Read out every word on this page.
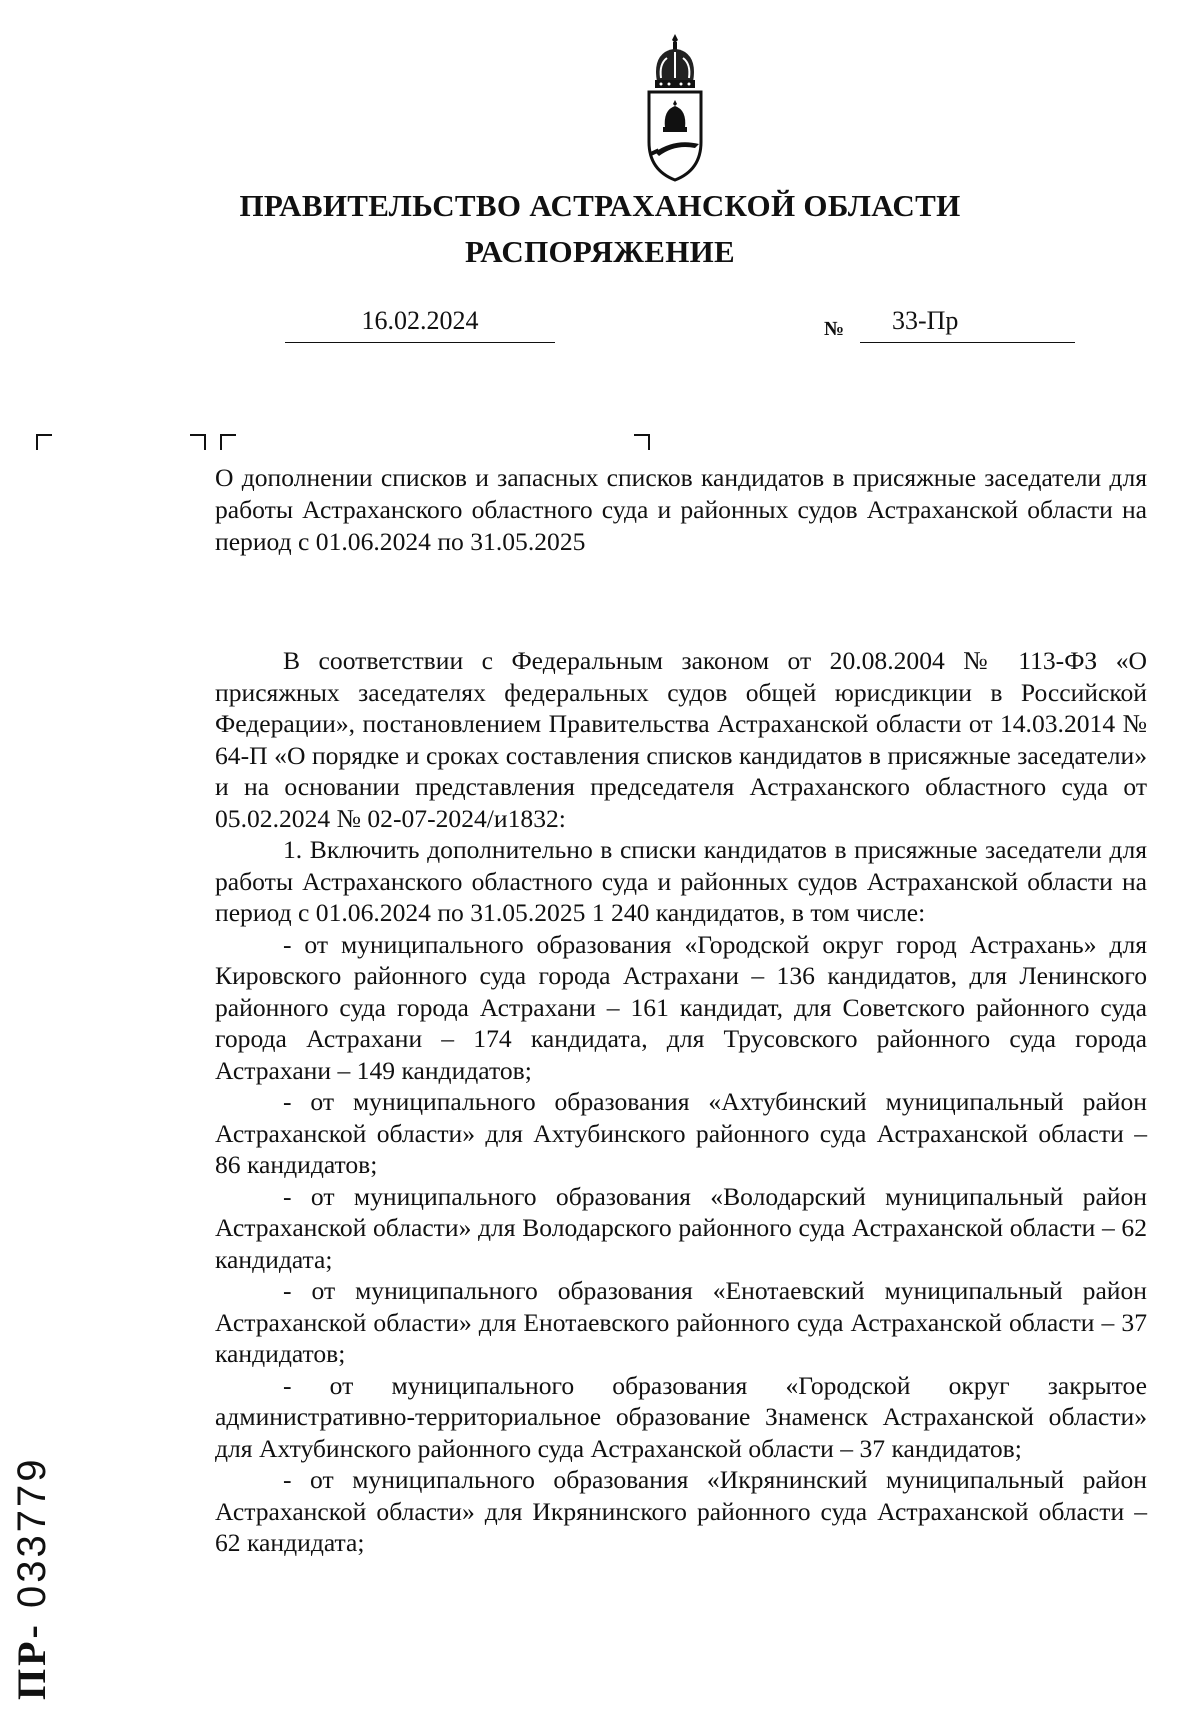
ПРАВИТЕЛЬСТВО АСТРАХАНСКОЙ ОБЛАСТИ
РАСПОРЯЖЕНИЕ
16.02.2024	№	33-Пр
О дополнении списков и запасных списков кандидатов в присяжные заседатели для работы Астраханского областного суда и районных судов Астраханской области на период с 01.06.2024 по 31.05.2025

В соответствии с Федеральным законом от 20.08.2004 № 113-ФЗ «О присяжных заседателях федеральных судов общей юрисдикции в Российской Федерации», постановлением Правительства Астраханской области от 14.03.2014 № 64-П «О порядке и сроках составления списков кандидатов в присяжные заседатели» и на основании представления председателя Астраханского областного суда от 05.02.2024 № 02-07-2024/и1832:

1. Включить дополнительно в списки кандидатов в присяжные заседатели для работы Астраханского областного суда и районных судов Астраханской области на период с 01.06.2024 по 31.05.2025 1 240 кандидатов, в том числе:

- от муниципального образования «Городской округ город Астрахань» для Кировского районного суда города Астрахани – 136 кандидатов, для Ленинского районного суда города Астрахани – 161 кандидат, для Советского районного суда города Астрахани – 174 кандидата, для Трусовского районного суда города Астрахани – 149 кандидатов;

- от муниципального образования «Ахтубинский муниципальный район Астраханской области» для Ахтубинского районного суда Астраханской области – 86 кандидатов;

- от муниципального образования «Володарский муниципальный район Астраханской области» для Володарского районного суда Астраханской области – 62 кандидата;

- от муниципального образования «Енотаевский муниципальный район Астраханской области» для Енотаевского районного суда Астраханской области – 37 кандидатов;

- от муниципального образования «Городской округ закрытое административно-территориальное образование Знаменск Астраханской области» для Ахтубинского районного суда Астраханской области – 37 кандидатов;

- от муниципального образования «Икрянинский муниципальный район Астраханской области» для Икрянинского районного суда Астраханской области – 62 кандидата;

ПР- 033779
